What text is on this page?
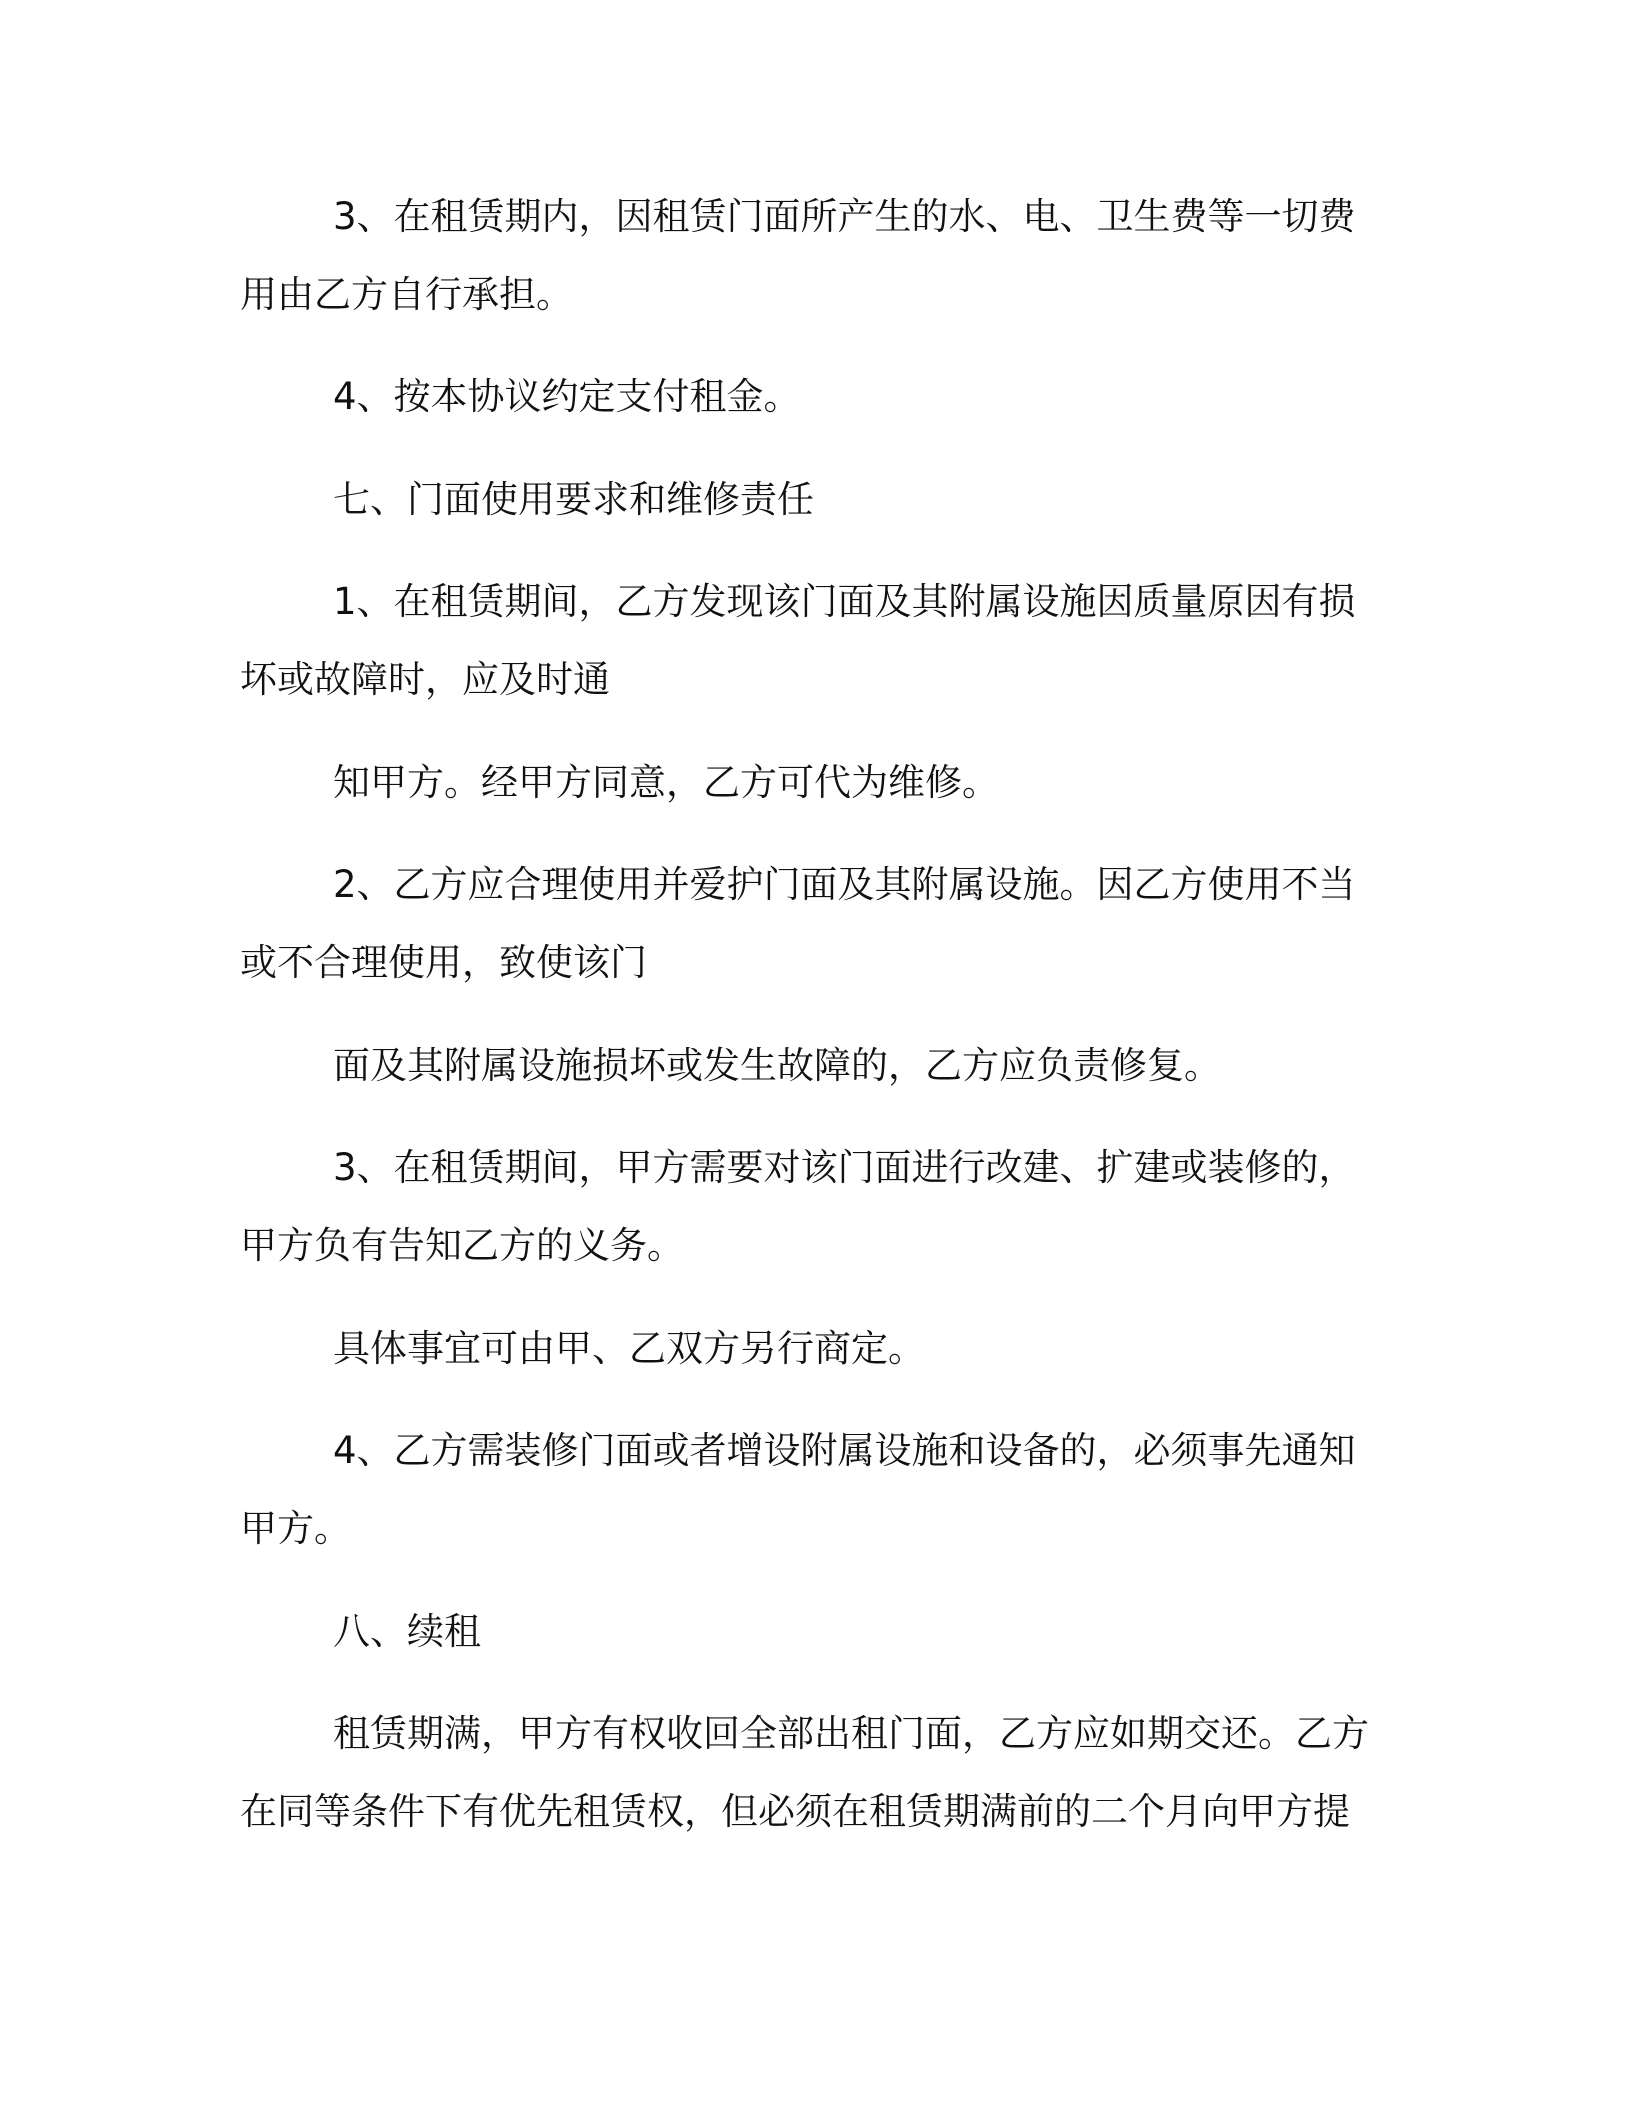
3、在租赁期内，因租赁门面所产生的水、电、卫生费等一切费
用由乙方自行承担。
4、按本协议约定支付租金。
七、门面使用要求和维修责任
1、在租赁期间，乙方发现该门面及其附属设施因质量原因有损
坏或故障时，应及时通
知甲方。经甲方同意，乙方可代为维修。
2、乙方应合理使用并爱护门面及其附属设施。因乙方使用不当
或不合理使用，致使该门
面及其附属设施损坏或发生故障的，乙方应负责修复。
3、在租赁期间，甲方需要对该门面进行改建、扩建或装修的，
甲方负有告知乙方的义务。
具体事宜可由甲、乙双方另行商定。
4、乙方需装修门面或者增设附属设施和设备的，必须事先通知
甲方。
八、续租
租赁期满，甲方有权收回全部出租门面，乙方应如期交还。乙方
在同等条件下有优先租赁权，但必须在租赁期满前的二个月向甲方提
